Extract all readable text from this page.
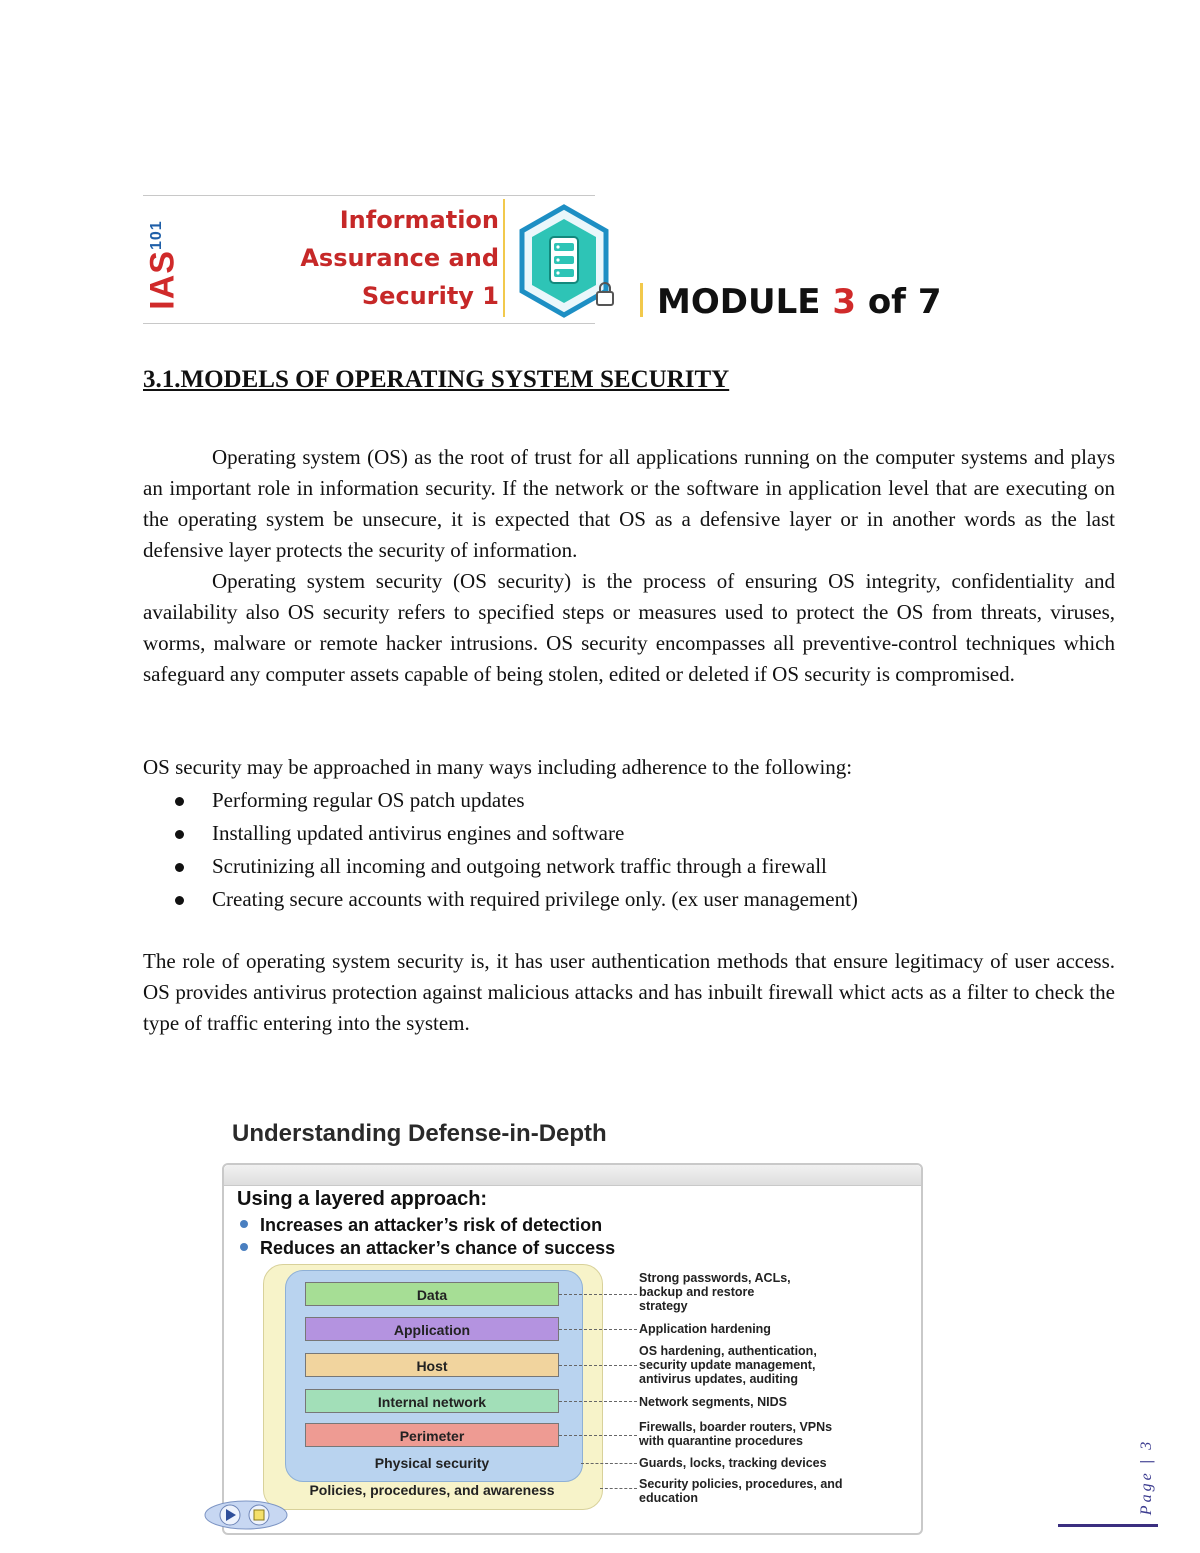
IAS$^{101}$
Information
Assurance and
Security 1	MODULE 3 of 7
3.1.MODELS OF OPERATING SYSTEM SECURITY

Operating system (OS) as the root of trust for all applications running on the computer systems and plays an important role in information security. If the network or the software in application level that are executing on the operating system be unsecure, it is expected that OS as a defensive layer or in another words as the last defensive layer protects the security of information.

Operating system security (OS security) is the process of ensuring OS integrity, confidentiality and availability also OS security refers to specified steps or measures used to protect the OS from threats, viruses, worms, malware or remote hacker intrusions. OS security encompasses all preventive-control techniques which safeguard any computer assets capable of being stolen, edited or deleted if OS security is compromised.

OS security may be approached in many ways including adherence to the following:

Performing regular OS patch updates
Installing updated antivirus engines and software
Scrutinizing all incoming and outgoing network traffic through a firewall
Creating secure accounts with required privilege only. (ex user management)

The role of operating system security is, it has user authentication methods that ensure legitimacy of user access. OS provides antivirus protection against malicious attacks and has inbuilt firewall whict acts as a filter to check the type of traffic entering into the system.

Understanding Defense-in-Depth
Using a layered approach:
Increases an attacker’s risk of detection
Reduces an attacker’s chance of success
Data
Application
Host
Internal network
Perimeter
Physical security
Policies, procedures, and awareness
Strong passwords, ACLs,
backup and restore
strategy
Application hardening
OS hardening, authentication,
security update management,
antivirus updates, auditing
Network segments, NIDS
Firewalls, boarder routers, VPNs
with quarantine procedures
Guards, locks, tracking devices
Security policies, procedures, and
education	Page | 3
